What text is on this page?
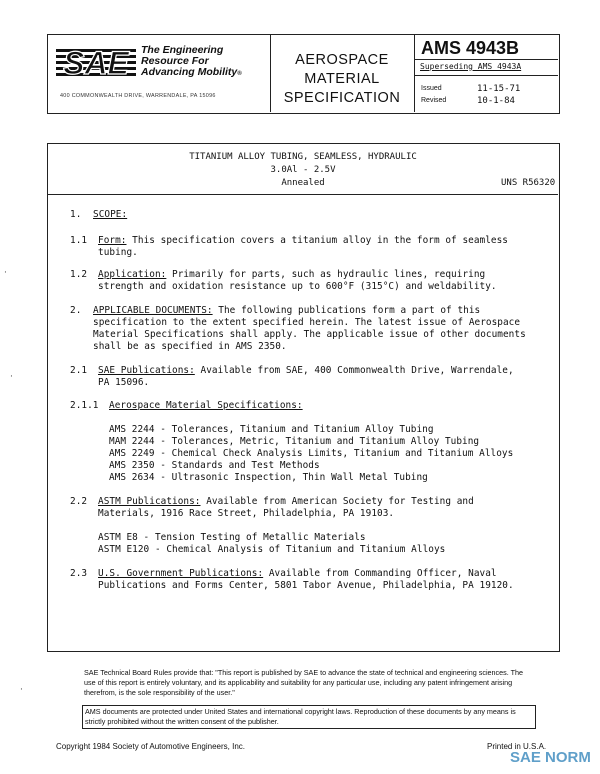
SAE The Engineering
Resource For
Advancing Mobility®
400 COMMONWEALTH DRIVE, WARRENDALE, PA 15096
AEROSPACE
MATERIAL
SPECIFICATION
AMS 4943B
Superseding AMS 4943A
Issued	11-15-71
Revised	10-1-84
TITANIUM ALLOY TUBING, SEAMLESS, HYDRAULIC
3.0Al - 2.5V
Annealed	UNS R56320
1. SCOPE:
1.1 Form: This specification covers a titanium alloy in the form of seamless
tubing.
1.2 Application: Primarily for parts, such as hydraulic lines, requiring
strength and oxidation resistance up to 600°F (315°C) and weldability.
2. APPLICABLE DOCUMENTS: The following publications form a part of this
specification to the extent specified herein. The latest issue of Aerospace
Material Specifications shall apply. The applicable issue of other documents
shall be as specified in AMS 2350.
2.1 SAE Publications: Available from SAE, 400 Commonwealth Drive, Warrendale,
PA 15096.
2.1.1 Aerospace Material Specifications:
AMS 2244 - Tolerances, Titanium and Titanium Alloy Tubing
MAM 2244 - Tolerances, Metric, Titanium and Titanium Alloy Tubing
AMS 2249 - Chemical Check Analysis Limits, Titanium and Titanium Alloys
AMS 2350 - Standards and Test Methods
AMS 2634 - Ultrasonic Inspection, Thin Wall Metal Tubing
2.2 ASTM Publications: Available from American Society for Testing and
Materials, 1916 Race Street, Philadelphia, PA 19103.
ASTM E8 - Tension Testing of Metallic Materials
ASTM E120 - Chemical Analysis of Titanium and Titanium Alloys
2.3 U.S. Government Publications: Available from Commanding Officer, Naval
Publications and Forms Center, 5801 Tabor Avenue, Philadelphia, PA 19120.
·
·
·
SAE Technical Board Rules provide that: "This report is published by SAE to advance the state of technical and engineering sciences. The use of this report is entirely voluntary, and its applicability and suitability for any particular use, including any patent infringement arising therefrom, is the sole responsibility of the user."
AMS documents are protected under United States and international copyright laws. Reproduction of these documents by any means is strictly prohibited without the written consent of the publisher.
Copyright 1984 Society of Automotive Engineers, Inc.	Printed in U.S.A.
SAE NORM
